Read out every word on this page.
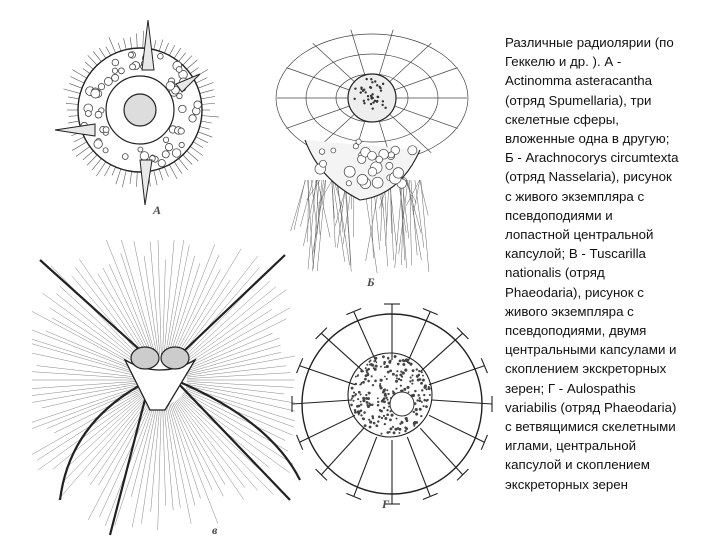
А
Б
в
Г
Различные радиолярии (по
Геккелю и др. ). А -
Actinomma asteracantha
(отряд Spumellaria), три
скелетные сферы,
вложенные одна в другую;
Б - Arachnocorys circumtexta
(отряд Nasselaria), рисунок
с живого экземпляра с
псевдоподиями и
лопастной центральной
капсулой; В - Tuscarilla
nationalis (отряд
Phaeodaria), рисунок с
живого экземпляра с
псевдоподиями, двумя
центральными капсулами и
скоплением экскреторных
зерен; Г - Aulospathis
variabilis (отряд Phaeodaria)
с ветвящимися скелетными
иглами, центральной
капсулой и скоплением
экскреторных зерен
